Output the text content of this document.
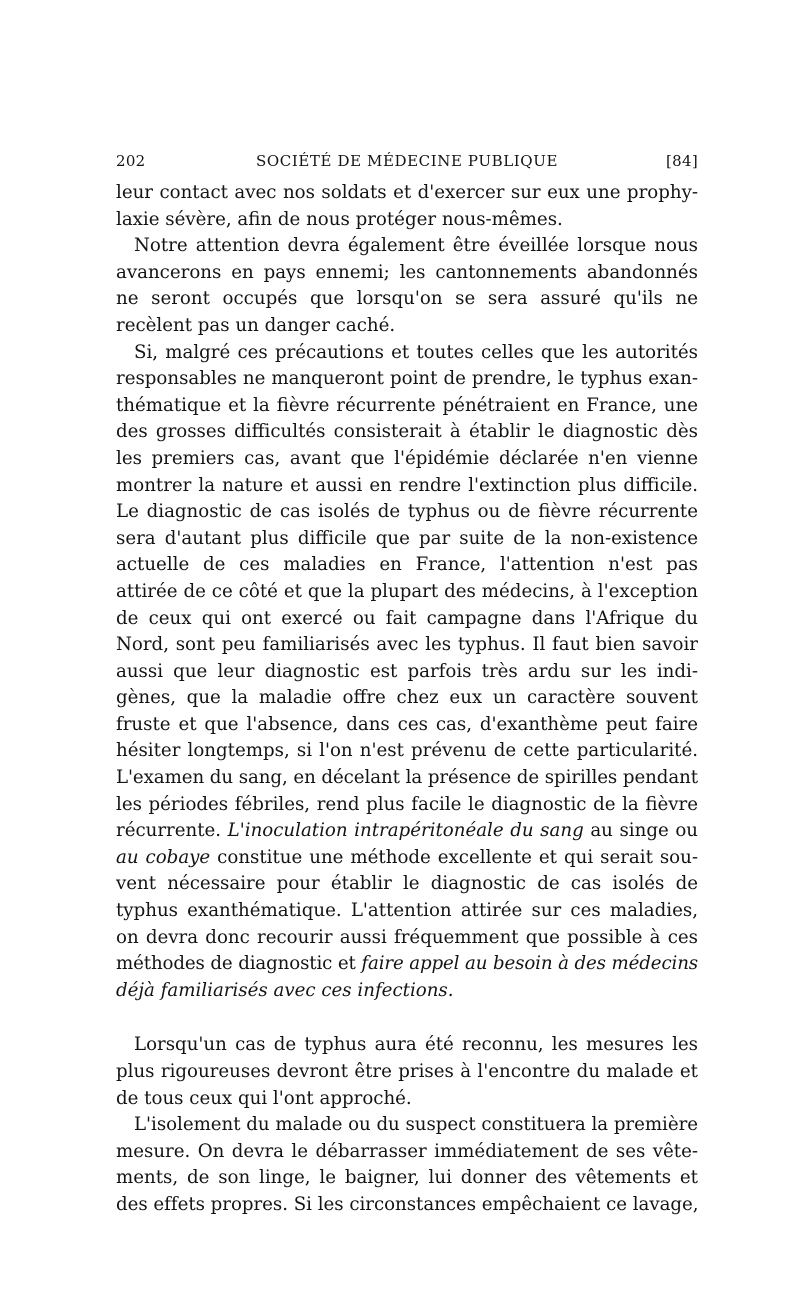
202	SOCIÉTÉ DE MÉDECINE PUBLIQUE	[84]
leur contact avec nos soldats et d'exercer sur eux une prophy-
laxie sévère, afin de nous protéger nous-mêmes.
Notre attention devra également être éveillée lorsque nous
avancerons en pays ennemi; les cantonnements abandonnés
ne seront occupés que lorsqu'on se sera assuré qu'ils ne
recèlent pas un danger caché.
Si, malgré ces précautions et toutes celles que les autorités
responsables ne manqueront point de prendre, le typhus exan-
thématique et la fièvre récurrente pénétraient en France, une
des grosses difficultés consisterait à établir le diagnostic dès
les premiers cas, avant que l'épidémie déclarée n'en vienne
montrer la nature et aussi en rendre l'extinction plus difficile.
Le diagnostic de cas isolés de typhus ou de fièvre récurrente
sera d'autant plus difficile que par suite de la non-existence
actuelle de ces maladies en France, l'attention n'est pas
attirée de ce côté et que la plupart des médecins, à l'exception
de ceux qui ont exercé ou fait campagne dans l'Afrique du
Nord, sont peu familiarisés avec les typhus. Il faut bien savoir
aussi que leur diagnostic est parfois très ardu sur les indi-
gènes, que la maladie offre chez eux un caractère souvent
fruste et que l'absence, dans ces cas, d'exanthème peut faire
hésiter longtemps, si l'on n'est prévenu de cette particularité.
L'examen du sang, en décelant la présence de spirilles pendant
les périodes fébriles, rend plus facile le diagnostic de la fièvre
récurrente. L'inoculation intrapéritonéale du sang au singe ou
au cobaye constitue une méthode excellente et qui serait sou-
vent nécessaire pour établir le diagnostic de cas isolés de
typhus exanthématique. L'attention attirée sur ces maladies,
on devra donc recourir aussi fréquemment que possible à ces
méthodes de diagnostic et faire appel au besoin à des médecins
déjà familiarisés avec ces infections.
Lorsqu'un cas de typhus aura été reconnu, les mesures les
plus rigoureuses devront être prises à l'encontre du malade et
de tous ceux qui l'ont approché.
L'isolement du malade ou du suspect constituera la première
mesure. On devra le débarrasser immédiatement de ses vête-
ments, de son linge, le baigner, lui donner des vêtements et
des effets propres. Si les circonstances empêchaient ce lavage,
